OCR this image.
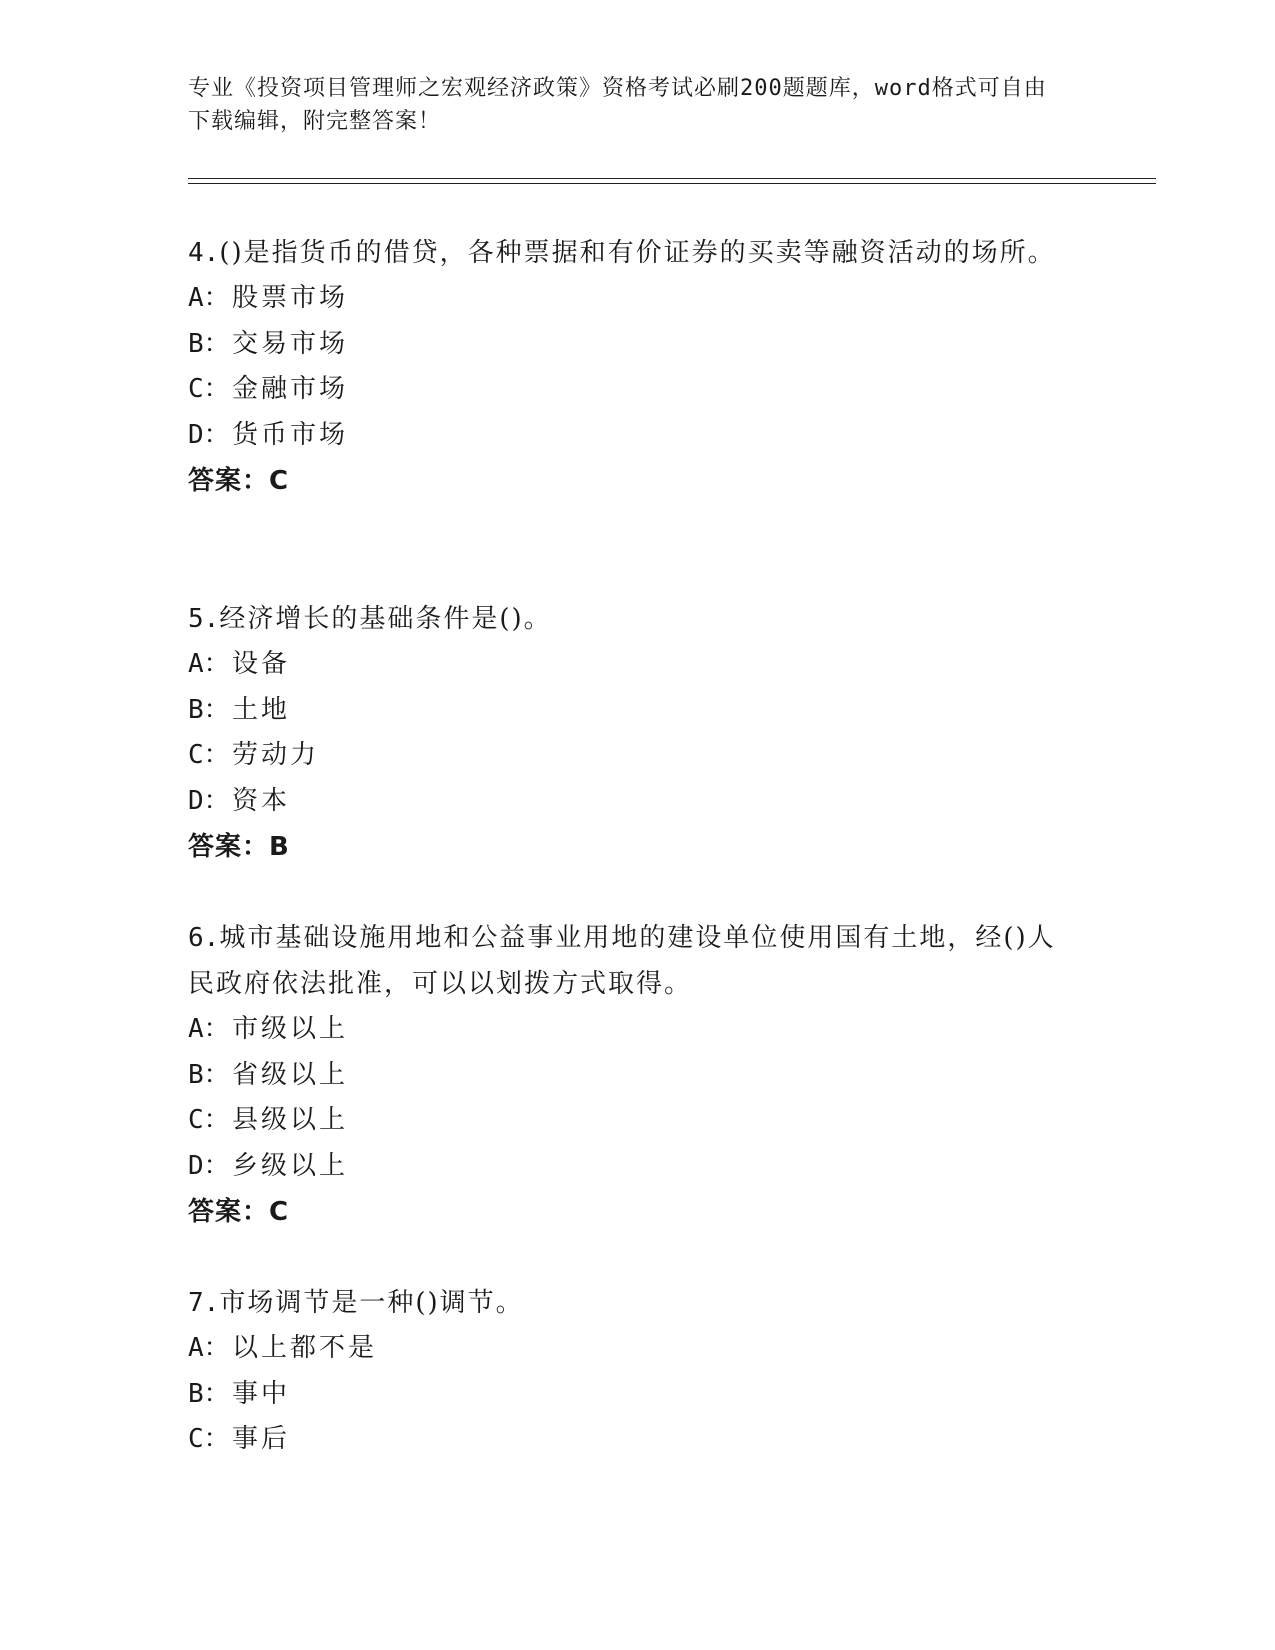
专业《投资项目管理师之宏观经济政策》资格考试必刷200题题库，word格式可自由下载编辑，附完整答案！

4.()是指货币的借贷，各种票据和有价证券的买卖等融资活动的场所。

A：股票市场
B：交易市场
C：金融市场
D：货币市场
答案：C

5.经济增长的基础条件是()。

A：设备
B：土地
C：劳动力
D：资本
答案：B

6.城市基础设施用地和公益事业用地的建设单位使用国有土地，经()人民政府依法批准，可以以划拨方式取得。

A：市级以上
B：省级以上
C：县级以上
D：乡级以上
答案：C

7.市场调节是一种()调节。

A：以上都不是
B：事中
C：事后
